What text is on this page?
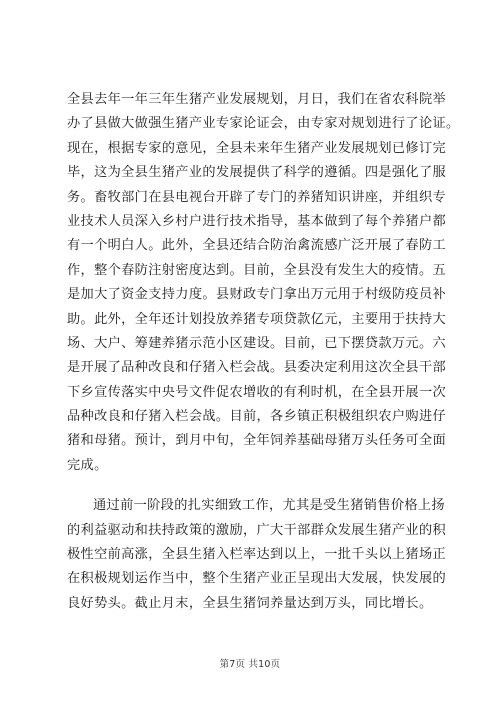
全县去年一年三年生猪产业发展规划，月日，我们在省农科院举
办了县做大做强生猪产业专家论证会，由专家对规划进行了论证。
现在，根据专家的意见，全县未来年生猪产业发展规划已修订完
毕，这为全县生猪产业的发展提供了科学的遵循。四是强化了服
务。畜牧部门在县电视台开辟了专门的养猪知识讲座，并组织专
业技术人员深入乡村户进行技术指导，基本做到了每个养猪户都
有一个明白人。此外，全县还结合防治禽流感广泛开展了春防工
作，整个春防注射密度达到。目前，全县没有发生大的疫情。五
是加大了资金支持力度。县财政专门拿出万元用于村级防疫员补
助。此外，全年还计划投放养猪专项贷款亿元，主要用于扶持大
场、大户、筹建养猪示范小区建设。目前，已下摆贷款万元。六
是开展了品种改良和仔猪入栏会战。县委决定利用这次全县干部
下乡宣传落实中央号文件促农增收的有利时机，在全县开展一次
品种改良和仔猪入栏会战。目前，各乡镇正积极组织农户购进仔
猪和母猪。预计，到月中旬，全年饲养基础母猪万头任务可全面
完成。
通过前一阶段的扎实细致工作，尤其是受生猪销售价格上扬
的利益驱动和扶持政策的激励，广大干部群众发展生猪产业的积
极性空前高涨，全县生猪入栏率达到以上，一批千头以上猪场正
在积极规划运作当中，整个生猪产业正呈现出大发展，快发展的
良好势头。截止月末，全县生猪饲养量达到万头，同比增长。
第7页 共10页
